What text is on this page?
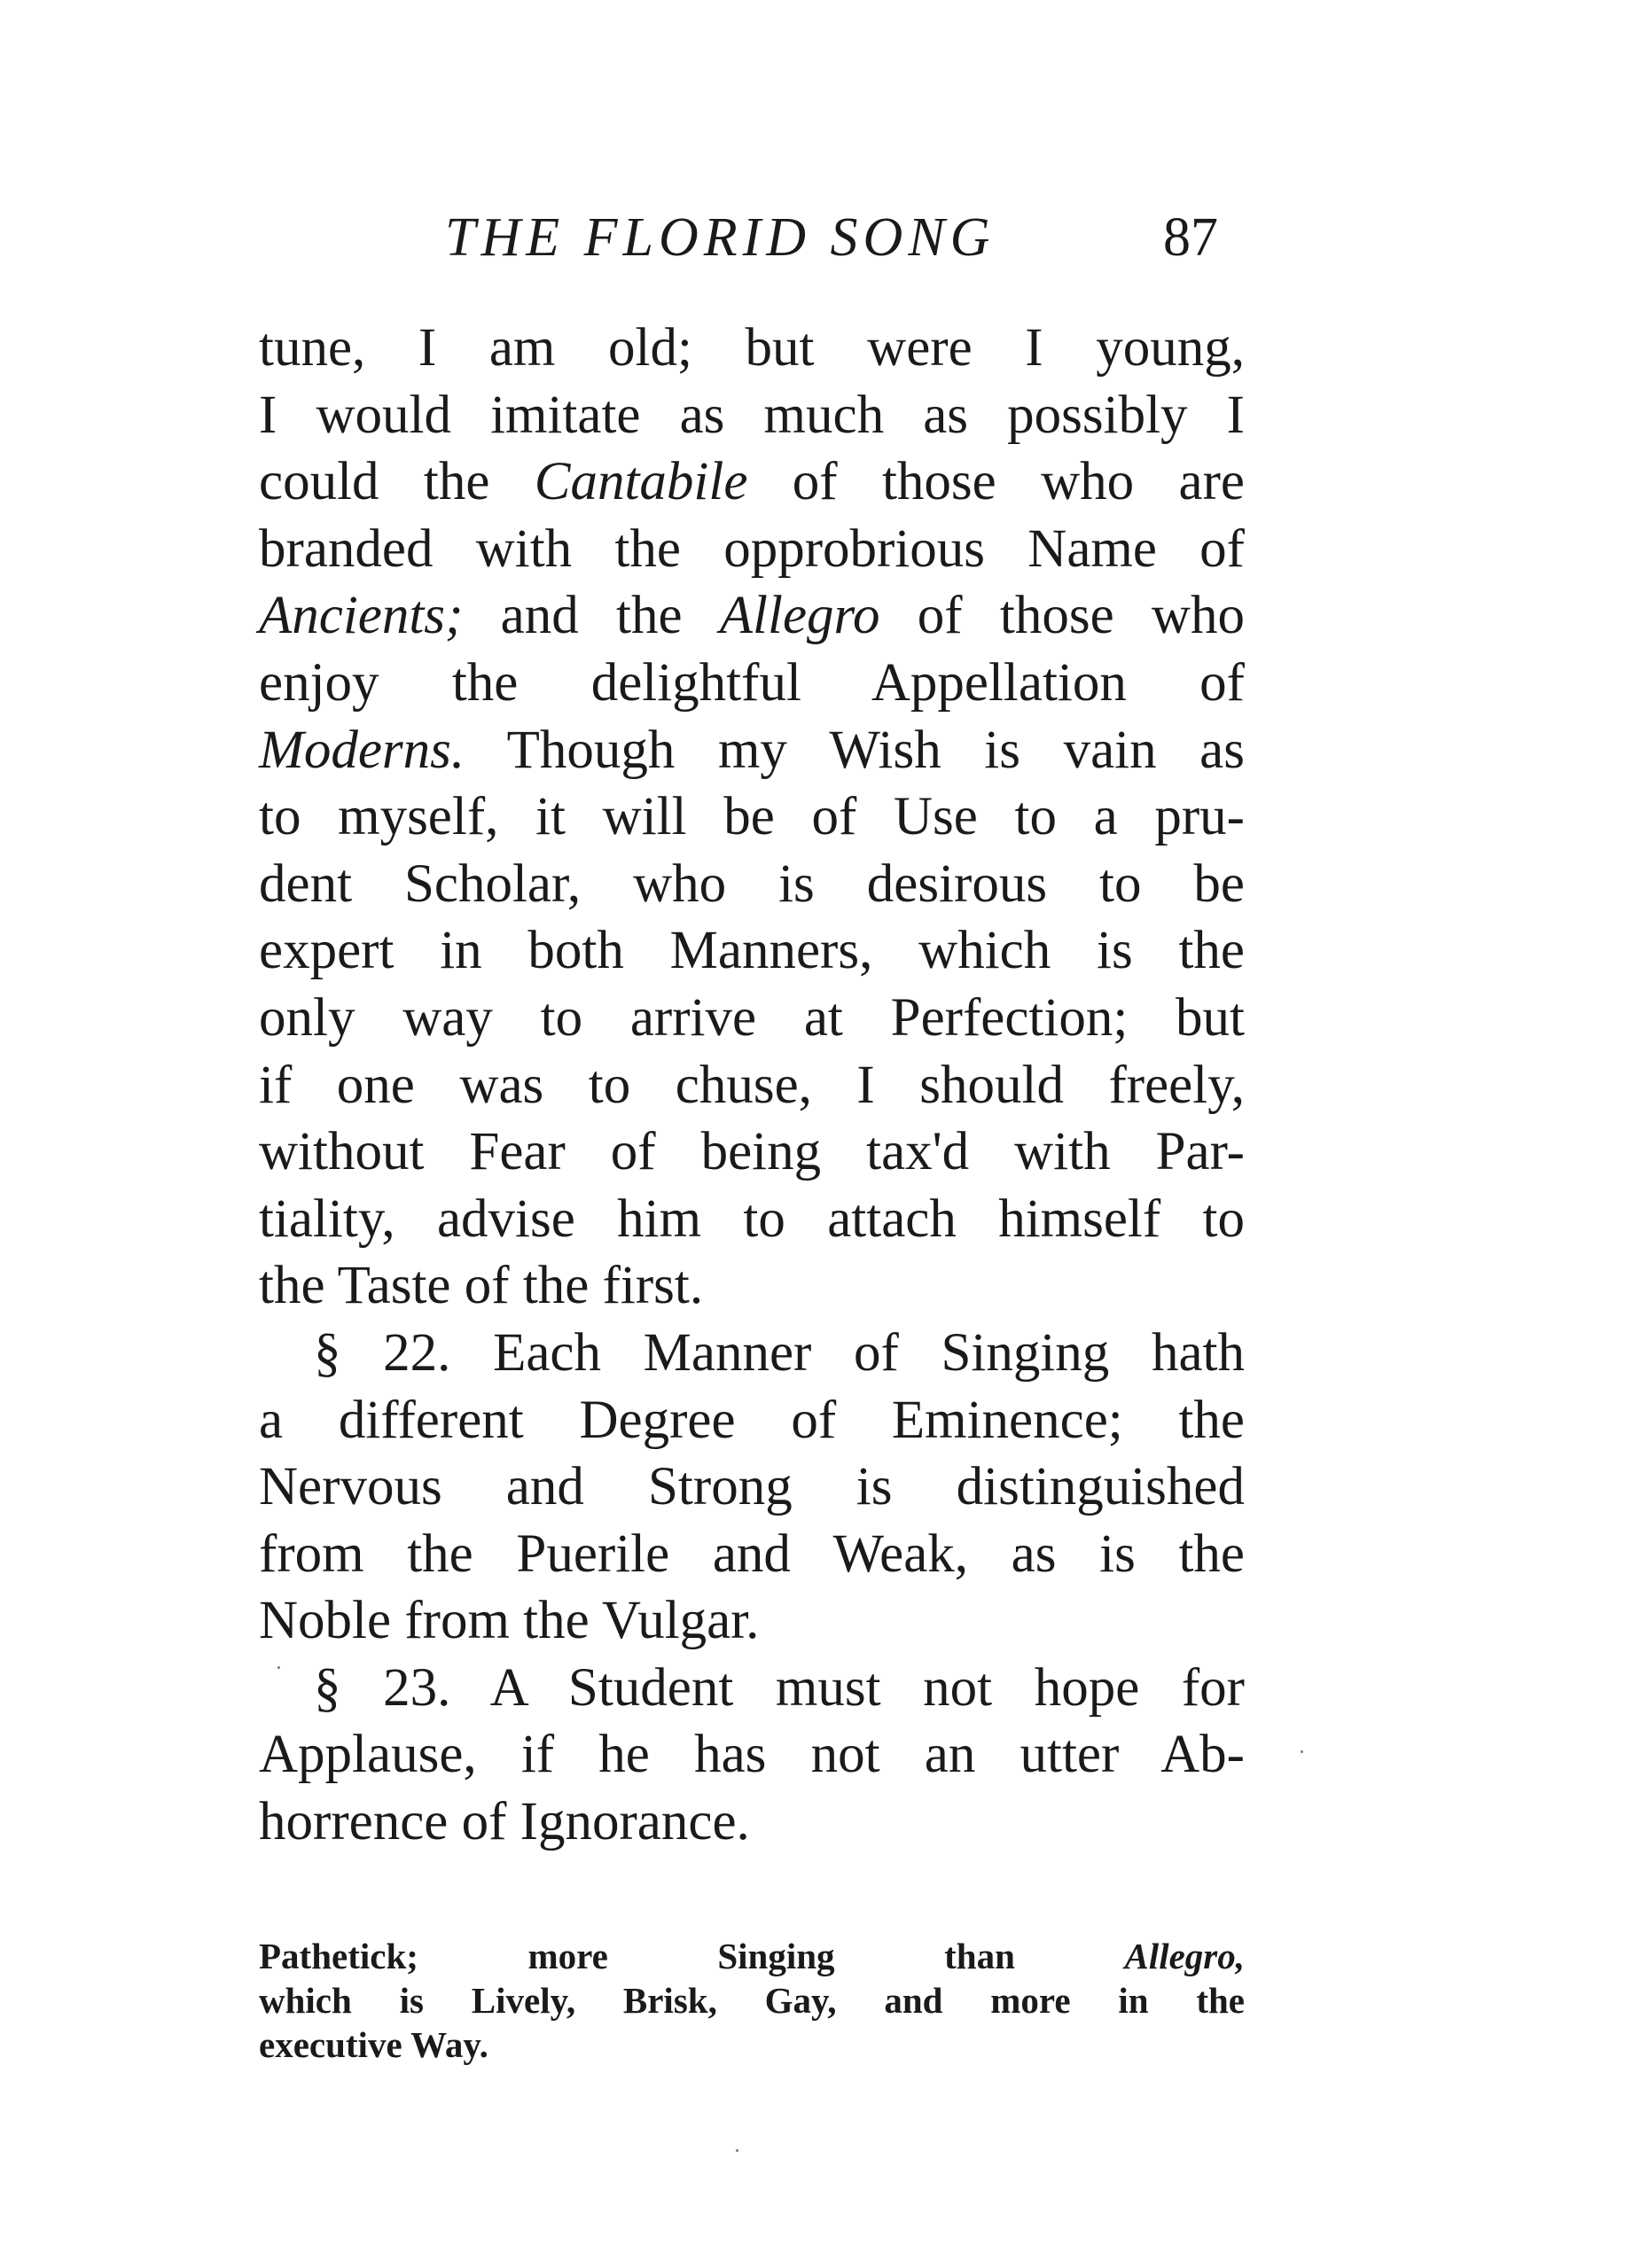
THE FLORID SONG	87
tune, I am old; but were I young,
I would imitate as much as possibly I
could the Cantabile of those who are
branded with the opprobrious Name of
Ancients; and the Allegro of those who
enjoy the delightful Appellation of
Moderns. Though my Wish is vain as
to myself, it will be of Use to a pru-
dent Scholar, who is desirous to be
expert in both Manners, which is the
only way to arrive at Perfection; but
if one was to chuse, I should freely,
without Fear of being tax'd with Par-
tiality, advise him to attach himself to
the Taste of the first.
§ 22. Each Manner of Singing hath
a different Degree of Eminence; the
Nervous and Strong is distinguished
from the Puerile and Weak, as is the
Noble from the Vulgar.
§ 23. A Student must not hope for
Applause, if he has not an utter Ab-
horrence of Ignorance.
Pathetick; more Singing than Allegro,
which is Lively, Brisk, Gay, and more in the
executive Way.
